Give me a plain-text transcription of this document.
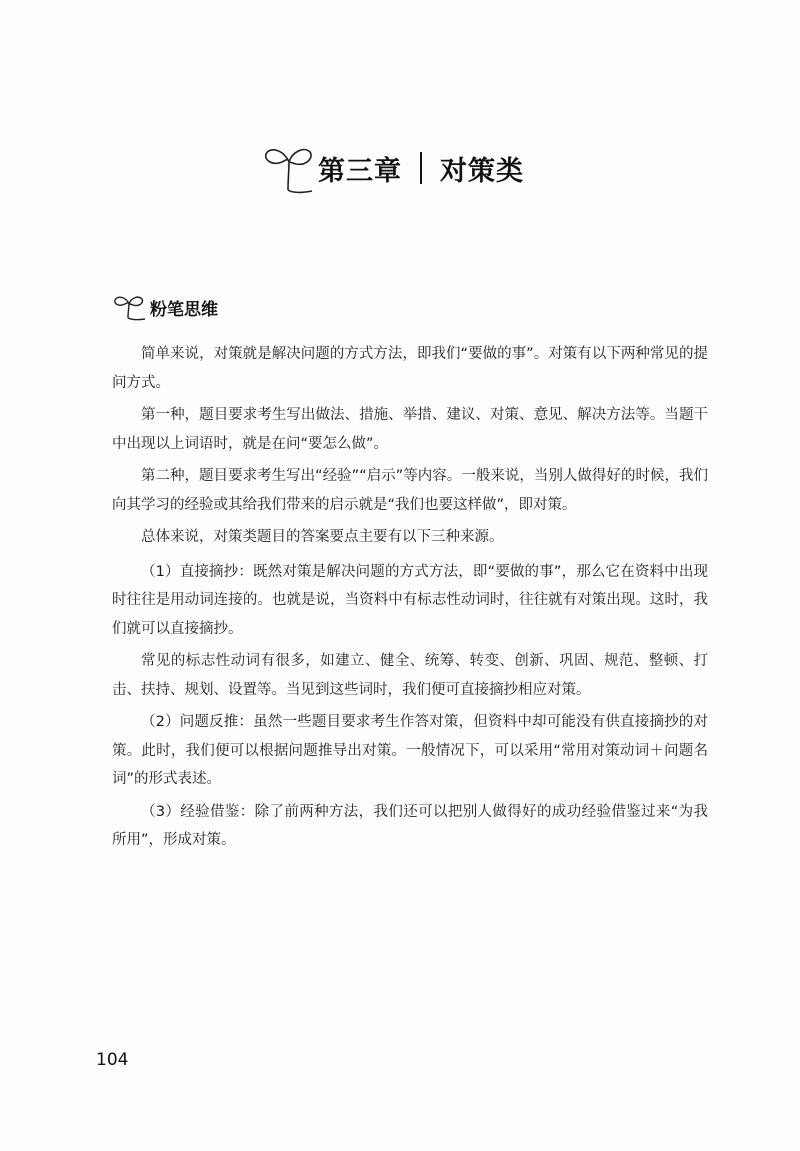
第三章 对策类
粉笔思维

简单来说，对策就是解决问题的方式方法，即我们“要做的事”。对策有以下两种常见的提问方式。

第一种，题目要求考生写出做法、措施、举措、建议、对策、意见、解决方法等。当题干中出现以上词语时，就是在问“要怎么做”。

第二种，题目要求考生写出“经验”“启示”等内容。一般来说，当别人做得好的时候，我们向其学习的经验或其给我们带来的启示就是“我们也要这样做”，即对策。

总体来说，对策类题目的答案要点主要有以下三种来源。

（1）直接摘抄：既然对策是解决问题的方式方法，即“要做的事”，那么它在资料中出现时往往是用动词连接的。也就是说，当资料中有标志性动词时，往往就有对策出现。这时，我们就可以直接摘抄。

常见的标志性动词有很多，如建立、健全、统筹、转变、创新、巩固、规范、整顿、打击、扶持、规划、设置等。当见到这些词时，我们便可直接摘抄相应对策。

（2）问题反推：虽然一些题目要求考生作答对策，但资料中却可能没有供直接摘抄的对策。此时，我们便可以根据问题推导出对策。一般情况下，可以采用“常用对策动词＋问题名词”的形式表述。

（3）经验借鉴：除了前两种方法，我们还可以把别人做得好的成功经验借鉴过来“为我所用”，形成对策。

104
